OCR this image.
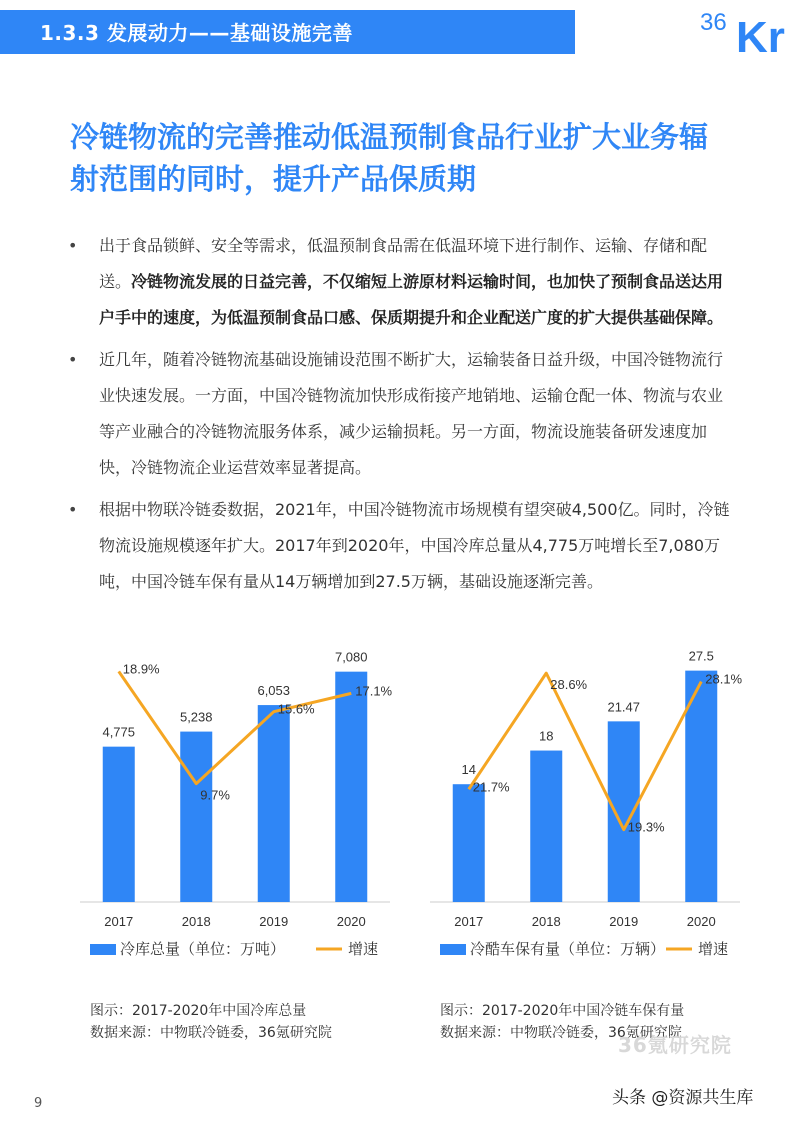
1.3.3 发展动力——基础设施完善	36 Kr
冷链物流的完善推动低温预制食品行业扩大业务辐射范围的同时，提升产品保质期
• 出于食品锁鲜、安全等需求，低温预制食品需在低温环境下进行制作、运输、存储和配送。冷链物流发展的日益完善，不仅缩短上游原材料运输时间，也加快了预制食品送达用户手中的速度，为低温预制食品口感、保质期提升和企业配送广度的扩大提供基础保障。

• 近几年，随着冷链物流基础设施铺设范围不断扩大，运输装备日益升级，中国冷链物流行业快速发展。一方面，中国冷链物流加快形成衔接产地销地、运输仓配一体、物流与农业等产业融合的冷链物流服务体系，减少运输损耗。另一方面，物流设施装备研发速度加快，冷链物流企业运营效率显著提高。

• 根据中物联冷链委数据，2021年，中国冷链物流市场规模有望突破4,500亿。同时，冷链物流设施规模逐年扩大。2017年到2020年，中国冷库总量从4,775万吨增长至7,080万吨，中国冷链车保有量从14万辆增加到27.5万辆，基础设施逐渐完善。

4,775
2017
5,238
2018
6,053
2019
7,080
2020
18.9%
9.7%
15.6%
17.1%
冷库总量（单位：万吨）	增速
14
2017
18
2018
21.47
2019
27.5
2020
21.7%
28.6%
19.3%
28.1%
冷酷车保有量（单位：万辆） 增速
图示：2017-2020年中国冷库总量
数据来源：中物联冷链委，36氪研究院
图示：2017-2020年中国冷链车保有量
数据来源：中物联冷链委，36氪研究院
36氪研究院
头条 @资源共生库
9
